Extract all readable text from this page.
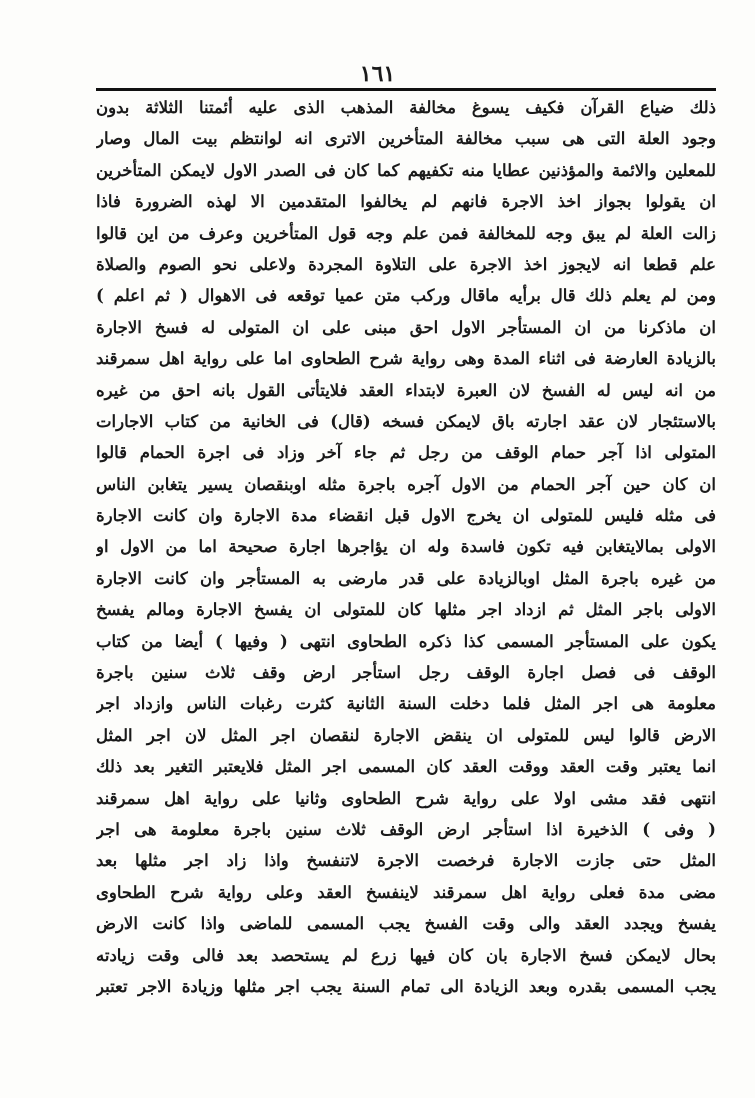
١٦١
ذلك ضياع القرآن فكيف يسوغ مخالفة المذهب الذى عليه أئمتنا الثلاثة بدون
وجود العلة التى هى سبب مخالفة المتأخرين الاترى انه لوانتظم بيت المال وصار
للمعلين والائمة والمؤذنين عطايا منه تكفيهم كما كان فى الصدر الاول لايمكن المتأخرين
ان يقولوا بجواز اخذ الاجرة فانهم لم يخالفوا المتقدمين الا لهذه الضرورة فاذا
زالت العلة لم يبق وجه للمخالفة فمن علم وجه قول المتأخرين وعرف من اين قالوا
علم قطعا انه لايجوز اخذ الاجرة على التلاوة المجردة ولاعلى نحو الصوم والصلاة
ومن لم يعلم ذلك قال برأيه ماقال وركب متن عميا توقعه فى الاهوال ( ثم اعلم )
ان ماذكرنا من ان المستأجر الاول احق مبنى على ان المتولى له فسخ الاجارة
بالزيادة العارضة فى اثناء المدة وهى رواية شرح الطحاوى اما على رواية اهل سمرقند
من انه ليس له الفسخ لان العبرة لابتداء العقد فلايتأتى القول بانه احق من غيره
بالاستئجار لان عقد اجارته باق لايمكن فسخه (قال) فى الخانية من كتاب الاجارات
المتولى اذا آجر حمام الوقف من رجل ثم جاء آخر وزاد فى اجرة الحمام قالوا
ان كان حين آجر الحمام من الاول آجره باجرة مثله اوبنقصان يسير يتغابن الناس
فى مثله فليس للمتولى ان يخرج الاول قبل انقضاء مدة الاجارة وان كانت الاجارة
الاولى بمالايتغابن فيه تكون فاسدة وله ان يؤاجرها اجارة صحيحة اما من الاول او
من غيره باجرة المثل اوبالزيادة على قدر مارضى به المستأجر وان كانت الاجارة
الاولى باجر المثل ثم ازداد اجر مثلها كان للمتولى ان يفسخ الاجارة ومالم يفسخ
يكون على المستأجر المسمى كذا ذكره الطحاوى انتهى ( وفيها ) أيضا من كتاب
الوقف فى فصل اجارة الوقف رجل استأجر ارض وقف ثلاث سنين باجرة
معلومة هى اجر المثل فلما دخلت السنة الثانية كثرت رغبات الناس وازداد اجر
الارض قالوا ليس للمتولى ان ينقض الاجارة لنقصان اجر المثل لان اجر المثل
انما يعتبر وقت العقد ووقت العقد كان المسمى اجر المثل فلايعتبر التغير بعد ذلك
انتهى فقد مشى اولا على رواية شرح الطحاوى وثانيا على رواية اهل سمرقند
( وفى ) الذخيرة اذا استأجر ارض الوقف ثلاث سنين باجرة معلومة هى اجر
المثل حتى جازت الاجارة فرخصت الاجرة لاتنفسخ واذا زاد اجر مثلها بعد
مضى مدة فعلى رواية اهل سمرقند لاينفسخ العقد وعلى رواية شرح الطحاوى
يفسخ ويجدد العقد والى وقت الفسخ يجب المسمى للماضى واذا كانت الارض
بحال لايمكن فسخ الاجارة بان كان فيها زرع لم يستحصد بعد فالى وقت زيادته
يجب المسمى بقدره وبعد الزيادة الى تمام السنة يجب اجر مثلها وزيادة الاجر تعتبر
